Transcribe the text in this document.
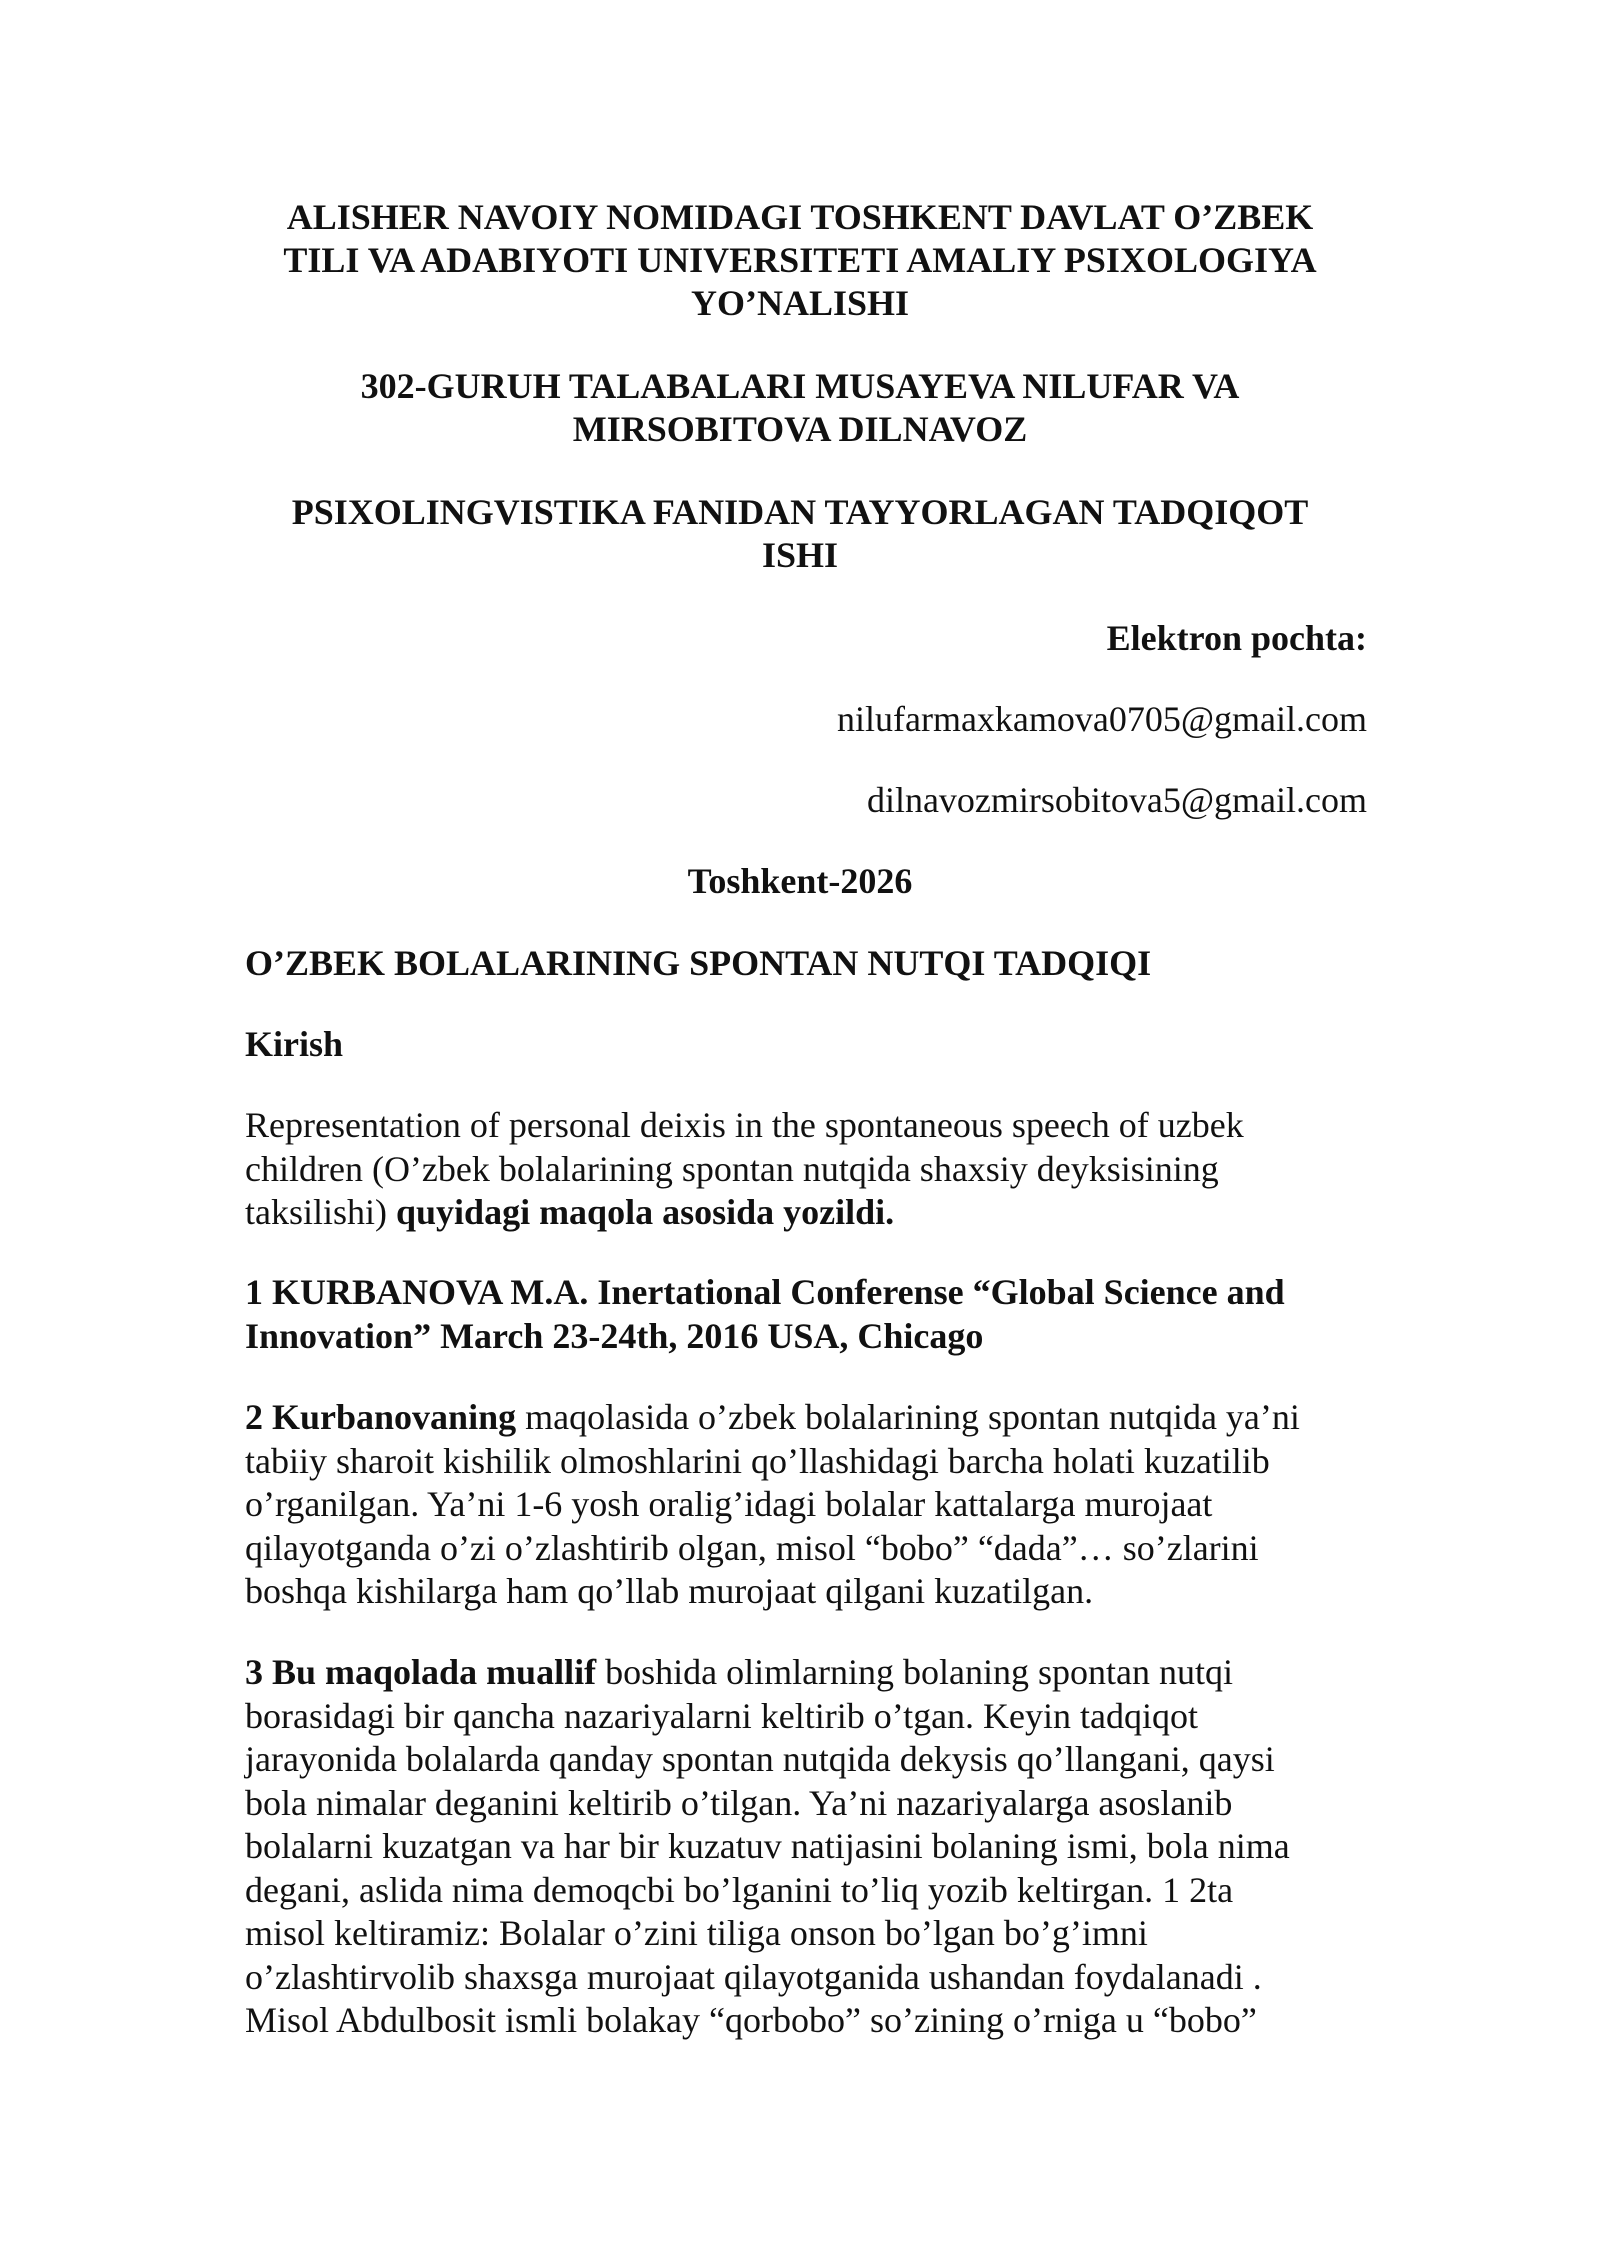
ALISHER NAVOIY NOMIDAGI TOSHKENT DAVLAT O’ZBEK
TILI VA ADABIYOTI UNIVERSITETI AMALIY PSIXOLOGIYA
YO’NALISHI
302-GURUH TALABALARI MUSAYEVA NILUFAR VA
MIRSOBITOVA DILNAVOZ
PSIXOLINGVISTIKA FANIDAN TAYYORLAGAN TADQIQOT
ISHI

Elektron pochta:

nilufarmaxkamova0705@gmail.com

dilnavozmirsobitova5@gmail.com

Toshkent-2026

O’ZBEK BOLALARINING SPONTAN NUTQI TADQIQI

Kirish

Representation of personal deixis in the spontaneous speech of uzbek
children (O’zbek bolalarining spontan nutqida shaxsiy deyksisining
taksilishi) quyidagi maqola asosida yozildi.
1 KURBANOVA M.A. Inertational Conferense “Global Science and
Innovation” March 23-24th, 2016 USA, Chicago
2 Kurbanovaning maqolasida o’zbek bolalarining spontan nutqida ya’ni
tabiiy sharoit kishilik olmoshlarini qo’llashidagi barcha holati kuzatilib
o’rganilgan. Ya’ni 1-6 yosh oralig’idagi bolalar kattalarga murojaat
qilayotganda o’zi o’zlashtirib olgan, misol “bobo” “dada”… so’zlarini
boshqa kishilarga ham qo’llab murojaat qilgani kuzatilgan.
3 Bu maqolada muallif boshida olimlarning bolaning spontan nutqi
borasidagi bir qancha nazariyalarni keltirib o’tgan. Keyin tadqiqot
jarayonida bolalarda qanday spontan nutqida dekysis qo’llangani, qaysi
bola nimalar deganini keltirib o’tilgan. Ya’ni nazariyalarga asoslanib
bolalarni kuzatgan va har bir kuzatuv natijasini bolaning ismi, bola nima
degani, aslida nima demoqcbi bo’lganini to’liq yozib keltirgan. 1 2ta
misol keltiramiz: Bolalar o’zini tiliga onson bo’lgan bo’g’imni
o’zlashtirvolib shaxsga murojaat qilayotganida ushandan foydalanadi .
Misol Abdulbosit ismli bolakay “qorbobo” so’zining o’rniga u “bobo”
